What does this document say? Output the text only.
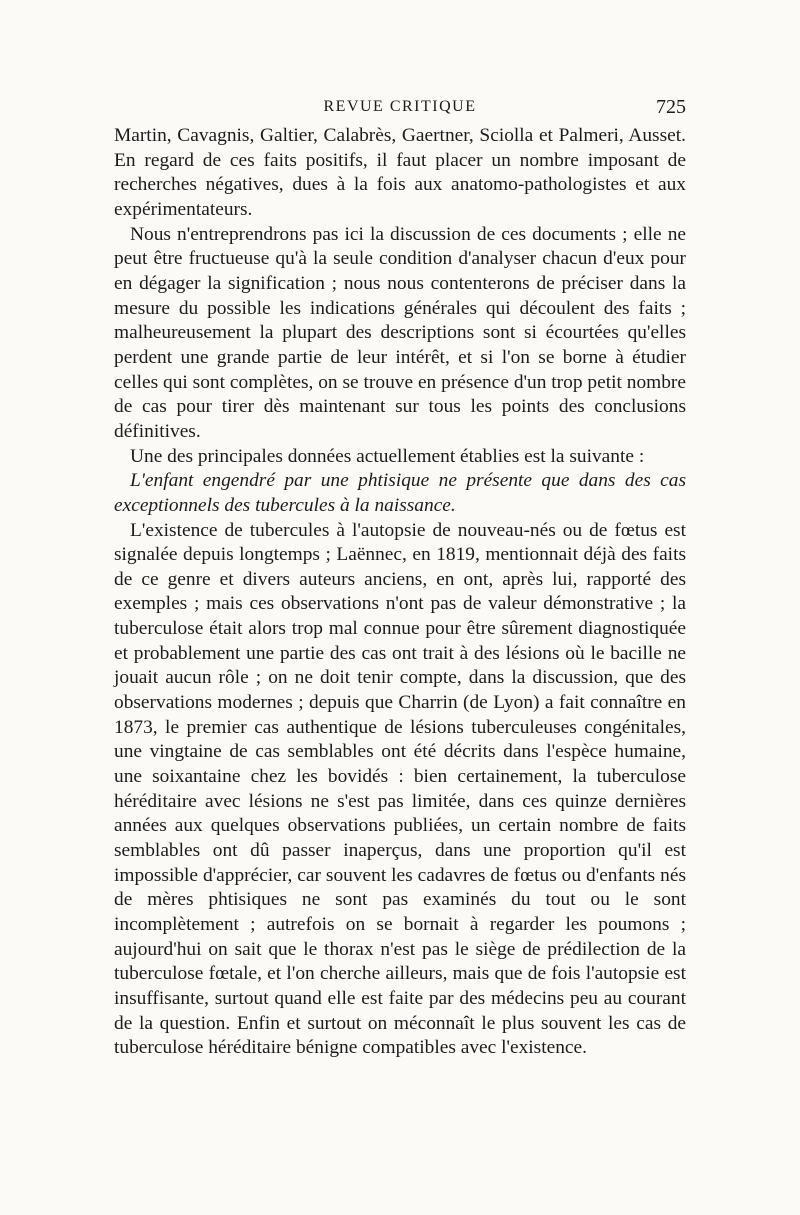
REVUE CRITIQUE	725

Martin, Cavagnis, Galtier, Calabrès, Gaertner, Sciolla et Palmeri, Ausset. En regard de ces faits positifs, il faut placer un nombre imposant de recherches négatives, dues à la fois aux anatomo-pathologistes et aux expérimentateurs.

Nous n'entreprendrons pas ici la discussion de ces documents ; elle ne peut être fructueuse qu'à la seule condition d'analyser chacun d'eux pour en dégager la signification ; nous nous contenterons de préciser dans la mesure du possible les indications générales qui découlent des faits ; malheureusement la plupart des descriptions sont si écourtées qu'elles perdent une grande partie de leur intérêt, et si l'on se borne à étudier celles qui sont complètes, on se trouve en présence d'un trop petit nombre de cas pour tirer dès maintenant sur tous les points des conclusions définitives.

Une des principales données actuellement établies est la suivante :

L'enfant engendré par une phtisique ne présente que dans des cas exceptionnels des tubercules à la naissance.

L'existence de tubercules à l'autopsie de nouveau-nés ou de fœtus est signalée depuis longtemps ; Laënnec, en 1819, mentionnait déjà des faits de ce genre et divers auteurs anciens, en ont, après lui, rapporté des exemples ; mais ces observations n'ont pas de valeur démonstrative ; la tuberculose était alors trop mal connue pour être sûrement diagnostiquée et probablement une partie des cas ont trait à des lésions où le bacille ne jouait aucun rôle ; on ne doit tenir compte, dans la discussion, que des observations modernes ; depuis que Charrin (de Lyon) a fait connaître en 1873, le premier cas authentique de lésions tuberculeuses congénitales, une vingtaine de cas semblables ont été décrits dans l'espèce humaine, une soixantaine chez les bovidés : bien certainement, la tuberculose héréditaire avec lésions ne s'est pas limitée, dans ces quinze dernières années aux quelques observations publiées, un certain nombre de faits semblables ont dû passer inaperçus, dans une proportion qu'il est impossible d'apprécier, car souvent les cadavres de fœtus ou d'enfants nés de mères phtisiques ne sont pas examinés du tout ou le sont incomplètement ; autrefois on se bornait à regarder les poumons ; aujourd'hui on sait que le thorax n'est pas le siège de prédilection de la tuberculose fœtale, et l'on cherche ailleurs, mais que de fois l'autopsie est insuffisante, surtout quand elle est faite par des médecins peu au courant de la question. Enfin et surtout on méconnaît le plus souvent les cas de tuberculose héréditaire bénigne compatibles avec l'existence.
